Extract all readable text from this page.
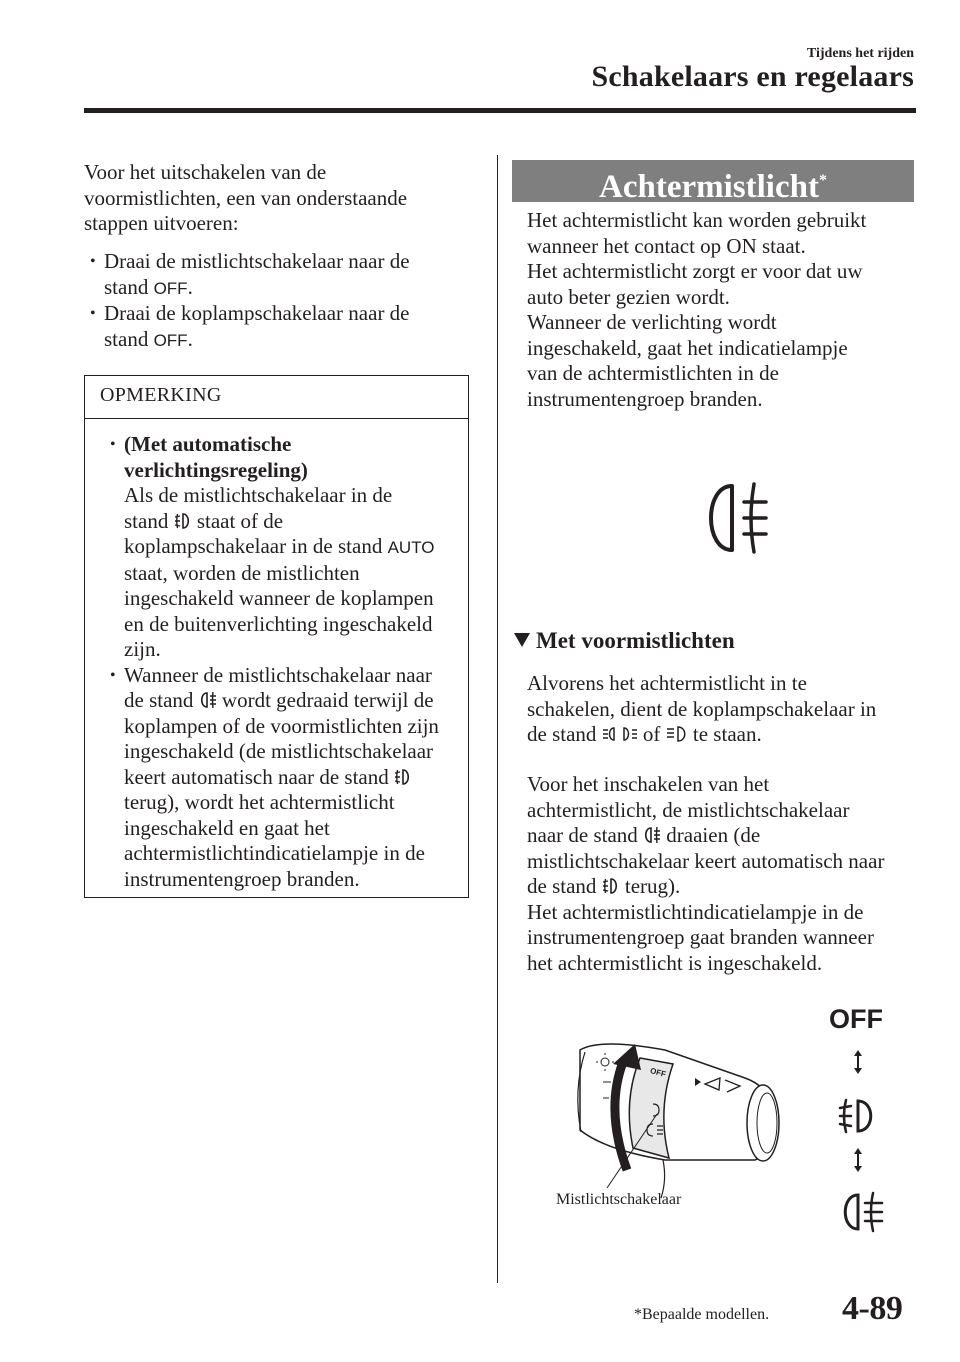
Tijdens het rijden
Schakelaars en regelaars
Voor het uitschakelen van de
voormistlichten, een van onderstaande
stappen uitvoeren:
• Draai de mistlichtschakelaar naar de
stand OFF.
• Draai de koplampschakelaar naar de
stand OFF.
OPMERKING
• (Met automatische
verlichtingsregeling)
Als de mistlichtschakelaar in de
stand staat of de
koplampschakelaar in de stand AUTO
staat, worden de mistlichten
ingeschakeld wanneer de koplampen
en de buitenverlichting ingeschakeld
zijn.
• Wanneer de mistlichtschakelaar naar
de stand wordt gedraaid terwijl de
koplampen of de voormistlichten zijn
ingeschakeld (de mistlichtschakelaar
keert automatisch naar de stand
terug), wordt het achtermistlicht
ingeschakeld en gaat het
achtermistlichtindicatielampje in de
instrumentengroep branden.
Achtermistlicht*
Het achtermistlicht kan worden gebruikt
wanneer het contact op ON staat.
Het achtermistlicht zorgt er voor dat uw
auto beter gezien wordt.
Wanneer de verlichting wordt
ingeschakeld, gaat het indicatielampje
van de achtermistlichten in de
instrumentengroep branden.
Met voormistlichten
Alvorens het achtermistlicht in te
schakelen, dient de koplampschakelaar in
de stand of te staan.
Voor het inschakelen van het
achtermistlicht, de mistlichtschakelaar
naar de stand draaien (de
mistlichtschakelaar keert automatisch naar
de stand terug).
Het achtermistlichtindicatielampje in de
instrumentengroep gaat branden wanneer
het achtermistlicht is ingeschakeld.
OFF
Mistlichtschakelaar
OFF
*Bepaalde modellen. 4-89
